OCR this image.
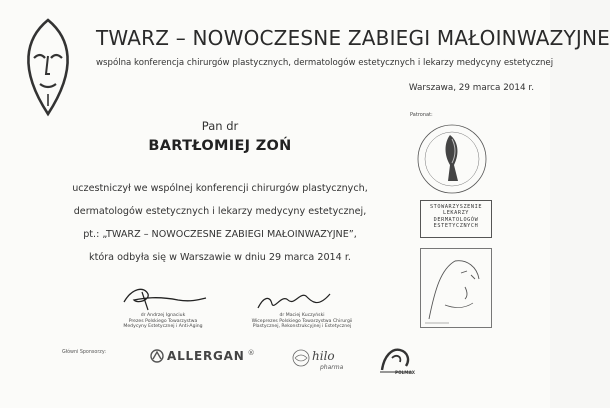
TWARZ – NOWOCZESNE ZABIEGI MAŁOINWAZYJNE
wspólna konferencja chirurgów plastycznych, dermatologów estetycznych i lekarzy medycyny estetycznej
Warszawa, 29 marca 2014 r.
Pan dr
BARTŁOMIEJ ZOŃ
uczestniczył we wspólnej konferencji chirurgów plastycznych,
dermatologów estetycznych i lekarzy medycyny estetycznej,
pt.: „TWARZ – NOWOCZESNE ZABIEGI MAŁOINWAZYJNE”,
która odbyła się w Warszawie w dniu 29 marca 2014 r.
Patronat:
STOWARZYSZENIE
LEKARZY
DERMATOLOGÓW
ESTETYCZNYCH
dr Andrzej Ignaciuk
Prezes Polskiego Towarzystwa
Medycyny Estetycznej i Anti-Aging
dr Maciej Kuczyński
Wiceprezes Polskiego Towarzystwa Chirurgii
Plastycznej, Rekonstrukcyjnej i Estetycznej
Główni Sponsorzy:	ALLERGAN ®	hilo
pharma
POLMAX
